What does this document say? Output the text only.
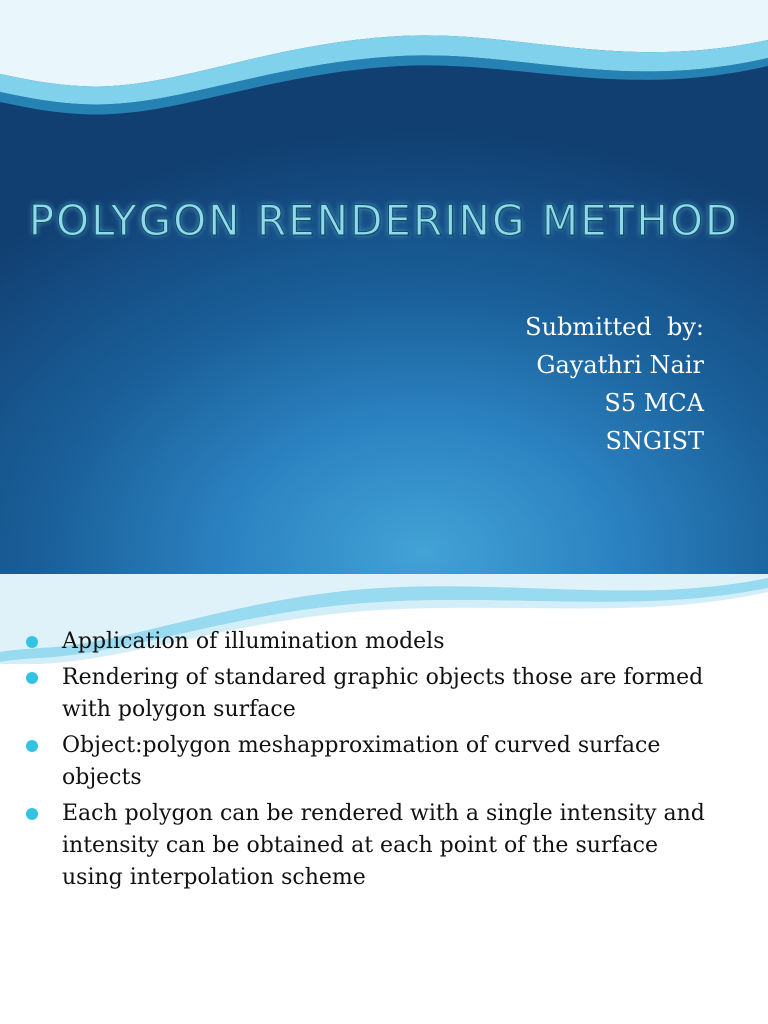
POLYGON RENDERING METHOD
Submitted  by:
Gayathri Nair
S5 MCA
SNGIST
Application of illumination models
Rendering of standared graphic objects those are formed with polygon surface
Object:polygon meshapproximation of curved surface objects
Each polygon can be rendered with a single intensity and intensity can be obtained at each point of the surface using interpolation scheme
